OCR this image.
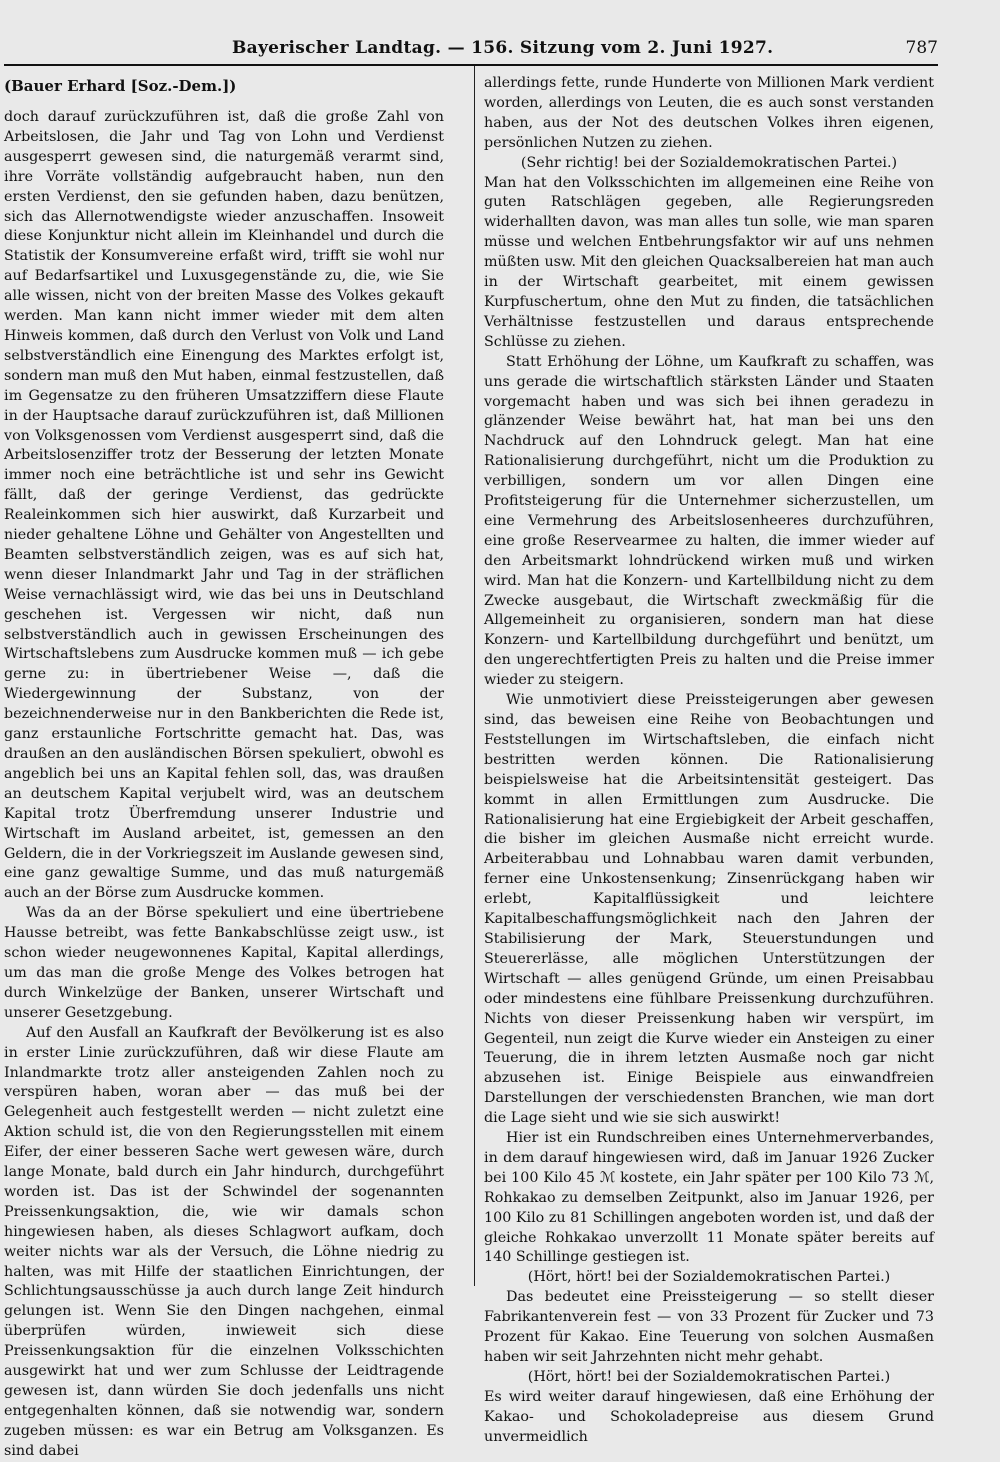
Bayerischer Landtag. — 156. Sitzung vom 2. Juni 1927.	787

(Bauer Erhard [Soz.-Dem.])

doch darauf zurückzuführen ist, daß die große Zahl von Arbeitslosen, die Jahr und Tag von Lohn und Verdienst ausgesperrt gewesen sind, die naturgemäß verarmt sind, ihre Vorräte vollständig aufgebraucht haben, nun den ersten Verdienst, den sie gefunden haben, dazu benützen, sich das Allernotwendigste wieder anzuschaffen. Insoweit diese Konjunktur nicht allein im Kleinhandel und durch die Statistik der Konsumvereine erfaßt wird, trifft sie wohl nur auf Bedarfsartikel und Luxusgegenstände zu, die, wie Sie alle wissen, nicht von der breiten Masse des Volkes gekauft werden. Man kann nicht immer wieder mit dem alten Hinweis kommen, daß durch den Verlust von Volk und Land selbstverständlich eine Einengung des Marktes erfolgt ist, sondern man muß den Mut haben, einmal festzustellen, daß im Gegensatze zu den früheren Umsatzziffern diese Flaute in der Hauptsache darauf zurückzuführen ist, daß Millionen von Volksgenossen vom Verdienst ausgesperrt sind, daß die Arbeitslosenziffer trotz der Besserung der letzten Monate immer noch eine beträchtliche ist und sehr ins Gewicht fällt, daß der geringe Verdienst, das gedrückte Realeinkommen sich hier auswirkt, daß Kurzarbeit und nieder gehaltene Löhne und Gehälter von Angestellten und Beamten selbstverständlich zeigen, was es auf sich hat, wenn dieser Inlandmarkt Jahr und Tag in der sträflichen Weise vernachlässigt wird, wie das bei uns in Deutschland geschehen ist. Vergessen wir nicht, daß nun selbstverständlich auch in gewissen Erscheinungen des Wirtschaftslebens zum Ausdrucke kommen muß — ich gebe gerne zu: in übertriebener Weise —, daß die Wiedergewinnung der Substanz, von der bezeichnenderweise nur in den Bankberichten die Rede ist, ganz erstaunliche Fortschritte gemacht hat. Das, was draußen an den ausländischen Börsen spekuliert, obwohl es angeblich bei uns an Kapital fehlen soll, das, was draußen an deutschem Kapital verjubelt wird, was an deutschem Kapital trotz Überfremdung unserer Industrie und Wirtschaft im Ausland arbeitet, ist, gemessen an den Geldern, die in der Vorkriegszeit im Auslande gewesen sind, eine ganz gewaltige Summe, und das muß naturgemäß auch an der Börse zum Ausdrucke kommen.

Was da an der Börse spekuliert und eine übertriebene Hausse betreibt, was fette Bankabschlüsse zeigt usw., ist schon wieder neugewonnenes Kapital, Kapital allerdings, um das man die große Menge des Volkes betrogen hat durch Winkelzüge der Banken, unserer Wirtschaft und unserer Gesetzgebung.

Auf den Ausfall an Kaufkraft der Bevölkerung ist es also in erster Linie zurückzuführen, daß wir diese Flaute am Inlandmarkte trotz aller ansteigenden Zahlen noch zu verspüren haben, woran aber — das muß bei der Gelegenheit auch festgestellt werden — nicht zuletzt eine Aktion schuld ist, die von den Regierungsstellen mit einem Eifer, der einer besseren Sache wert gewesen wäre, durch lange Monate, bald durch ein Jahr hindurch, durchgeführt worden ist. Das ist der Schwindel der sogenannten Preissenkungsaktion, die, wie wir damals schon hingewiesen haben, als dieses Schlagwort aufkam, doch weiter nichts war als der Versuch, die Löhne niedrig zu halten, was mit Hilfe der staatlichen Einrichtungen, der Schlichtungsausschüsse ja auch durch lange Zeit hindurch gelungen ist. Wenn Sie den Dingen nachgehen, einmal überprüfen würden, inwieweit sich diese Preissenkungsaktion für die einzelnen Volksschichten ausgewirkt hat und wer zum Schlusse der Leidtragende gewesen ist, dann würden Sie doch jedenfalls uns nicht entgegenhalten können, daß sie notwendig war, sondern zugeben müssen: es war ein Betrug am Volksganzen. Es sind dabei

allerdings fette, runde Hunderte von Millionen Mark verdient worden, allerdings von Leuten, die es auch sonst verstanden haben, aus der Not des deutschen Volkes ihren eigenen, persönlichen Nutzen zu ziehen.

(Sehr richtig! bei der Sozialdemokratischen Partei.)

Man hat den Volksschichten im allgemeinen eine Reihe von guten Ratschlägen gegeben, alle Regierungsreden widerhallten davon, was man alles tun solle, wie man sparen müsse und welchen Entbehrungsfaktor wir auf uns nehmen müßten usw. Mit den gleichen Quacksalbereien hat man auch in der Wirtschaft gearbeitet, mit einem gewissen Kurpfuschertum, ohne den Mut zu finden, die tatsächlichen Verhältnisse festzustellen und daraus entsprechende Schlüsse zu ziehen.

Statt Erhöhung der Löhne, um Kaufkraft zu schaffen, was uns gerade die wirtschaftlich stärksten Länder und Staaten vorgemacht haben und was sich bei ihnen geradezu in glänzender Weise bewährt hat, hat man bei uns den Nachdruck auf den Lohndruck gelegt. Man hat eine Rationalisierung durchgeführt, nicht um die Produktion zu verbilligen, sondern um vor allen Dingen eine Profitsteigerung für die Unternehmer sicherzustellen, um eine Vermehrung des Arbeitslosenheeres durchzuführen, eine große Reservearmee zu halten, die immer wieder auf den Arbeitsmarkt lohndrückend wirken muß und wirken wird. Man hat die Konzern- und Kartellbildung nicht zu dem Zwecke ausgebaut, die Wirtschaft zweckmäßig für die Allgemeinheit zu organisieren, sondern man hat diese Konzern- und Kartellbildung durchgeführt und benützt, um den ungerechtfertigten Preis zu halten und die Preise immer wieder zu steigern.

Wie unmotiviert diese Preissteigerungen aber gewesen sind, das beweisen eine Reihe von Beobachtungen und Feststellungen im Wirtschaftsleben, die einfach nicht bestritten werden können. Die Rationalisierung beispielsweise hat die Arbeitsintensität gesteigert. Das kommt in allen Ermittlungen zum Ausdrucke. Die Rationalisierung hat eine Ergiebigkeit der Arbeit geschaffen, die bisher im gleichen Ausmaße nicht erreicht wurde. Arbeiterabbau und Lohnabbau waren damit verbunden, ferner eine Unkostensenkung; Zinsenrückgang haben wir erlebt, Kapitalflüssigkeit und leichtere Kapitalbeschaffungsmöglichkeit nach den Jahren der Stabilisierung der Mark, Steuerstundungen und Steuererlässe, alle möglichen Unterstützungen der Wirtschaft — alles genügend Gründe, um einen Preisabbau oder mindestens eine fühlbare Preissenkung durchzuführen. Nichts von dieser Preissenkung haben wir verspürt, im Gegenteil, nun zeigt die Kurve wieder ein Ansteigen zu einer Teuerung, die in ihrem letzten Ausmaße noch gar nicht abzusehen ist. Einige Beispiele aus einwandfreien Darstellungen der verschiedensten Branchen, wie man dort die Lage sieht und wie sie sich auswirkt!

Hier ist ein Rundschreiben eines Unternehmerverbandes, in dem darauf hingewiesen wird, daß im Januar 1926 Zucker bei 100 Kilo 45 ℳ kostete, ein Jahr später per 100 Kilo 73 ℳ, Rohkakao zu demselben Zeitpunkt, also im Januar 1926, per 100 Kilo zu 81 Schillingen angeboten worden ist, und daß der gleiche Rohkakao unverzollt 11 Monate später bereits auf 140 Schillinge gestiegen ist.

(Hört, hört! bei der Sozialdemokratischen Partei.)

Das bedeutet eine Preissteigerung — so stellt dieser Fabrikantenverein fest — von 33 Prozent für Zucker und 73 Prozent für Kakao. Eine Teuerung von solchen Ausmaßen haben wir seit Jahrzehnten nicht mehr gehabt.

(Hört, hört! bei der Sozialdemokratischen Partei.)

Es wird weiter darauf hingewiesen, daß eine Erhöhung der Kakao- und Schokoladepreise aus diesem Grund unvermeidlich
